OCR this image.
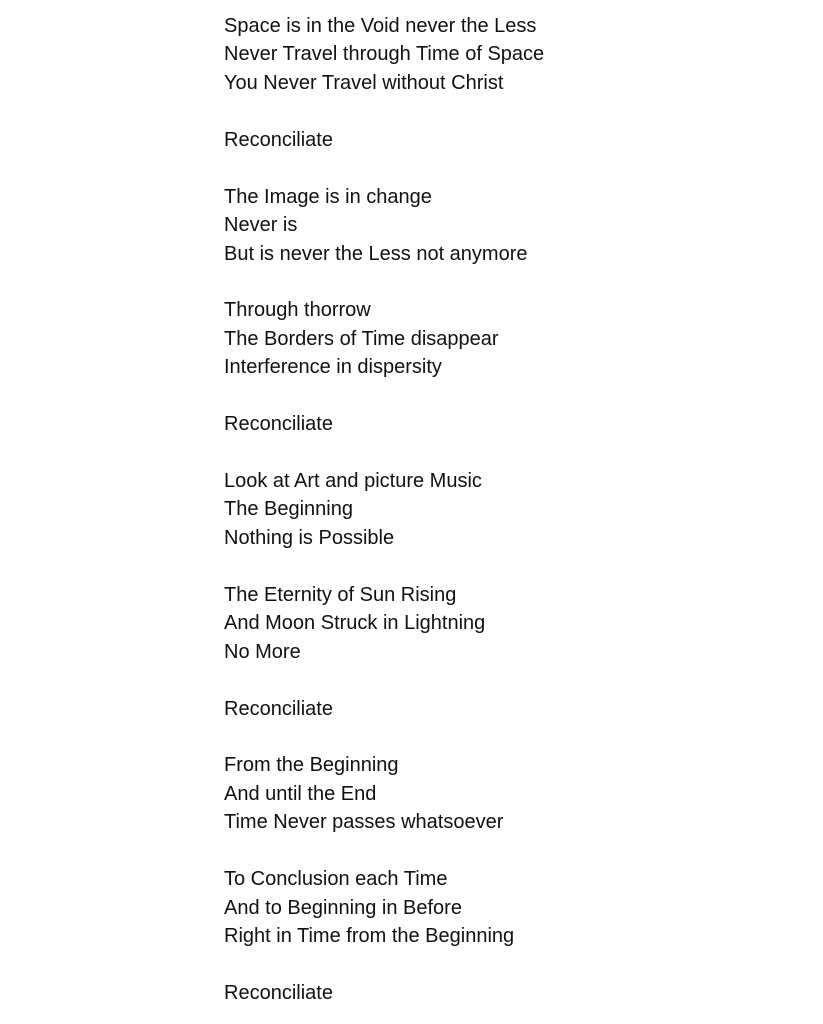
Space is in the Void never the Less
Never Travel through Time of Space
You Never Travel without Christ
Reconciliate
The Image is in change
Never is
But is never the Less not anymore
Through thorrow
The Borders of Time disappear
Interference in dispersity
Reconciliate
Look at Art and picture Music
The Beginning
Nothing is Possible
The Eternity of Sun Rising
And Moon Struck in Lightning
No More
Reconciliate
From the Beginning
And until the End
Time Never passes whatsoever
To Conclusion each Time
And to Beginning in Before
Right in Time from the Beginning
Reconciliate
